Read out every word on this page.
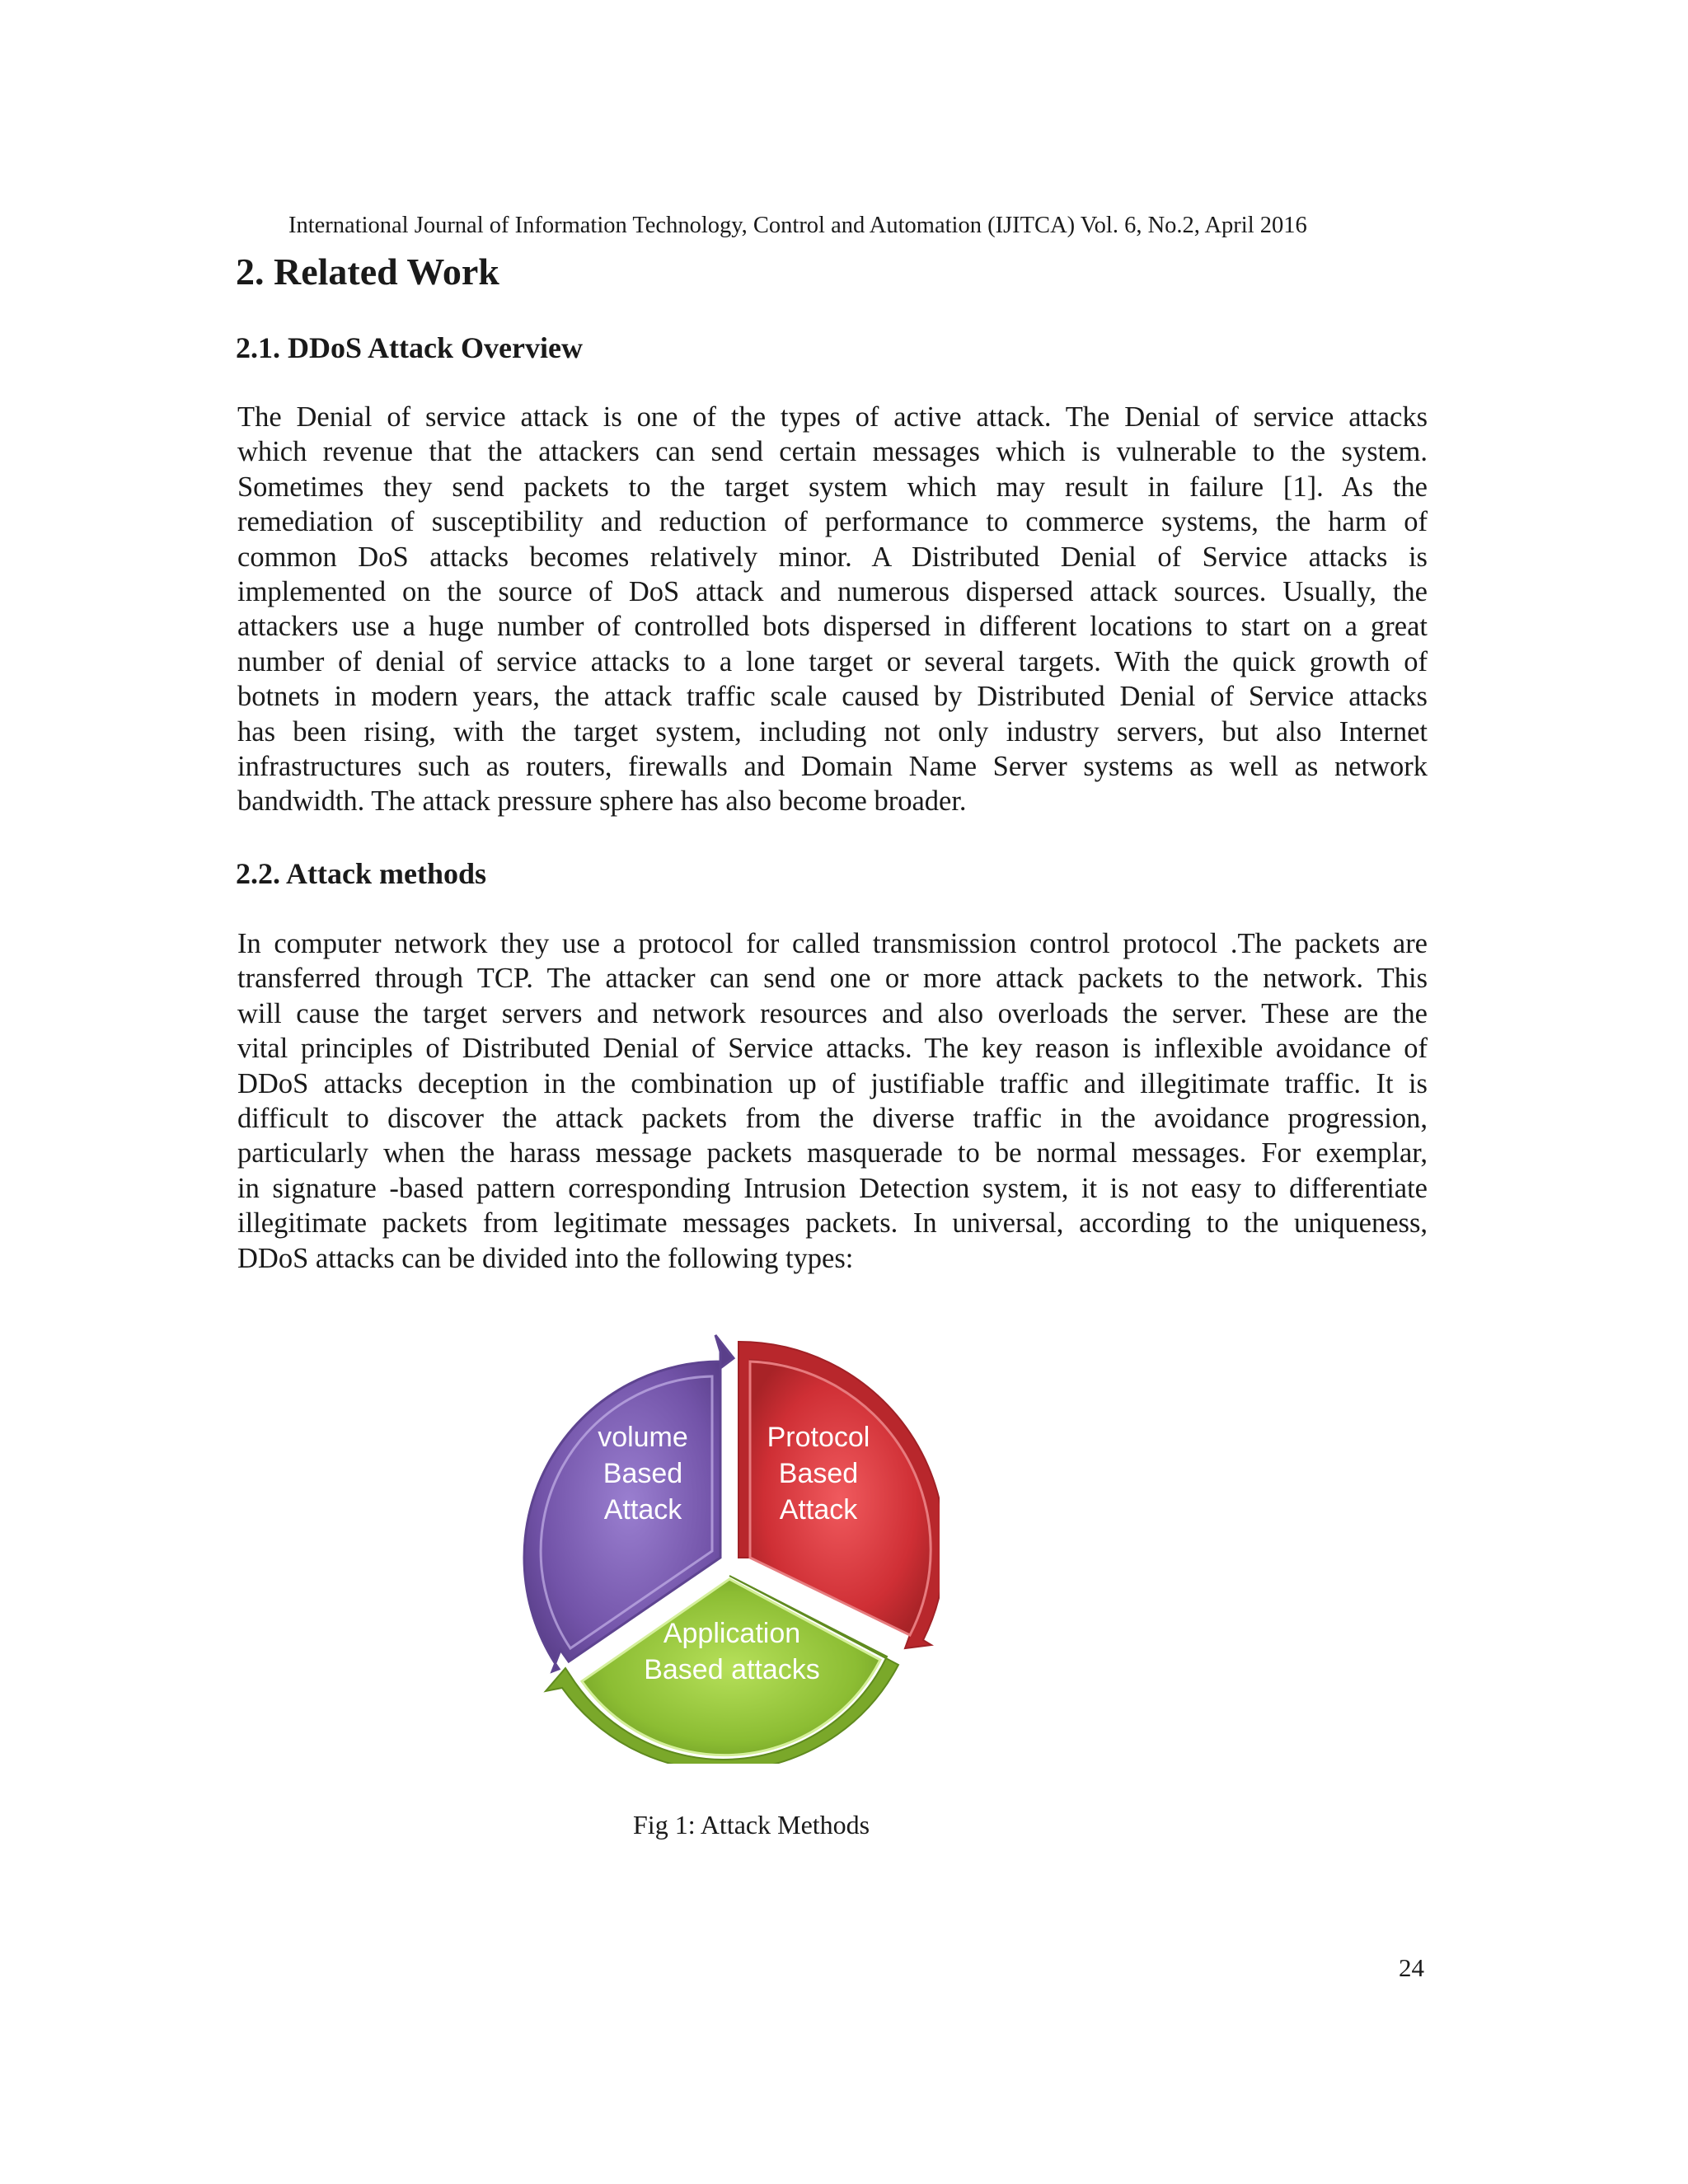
International Journal of Information Technology, Control and Automation (IJITCA) Vol. 6, No.2, April 2016
2. Related Work
2.1. DDoS Attack Overview
The Denial of service attack is one of the types of active attack. The Denial of service attacks
which revenue that the attackers can send certain messages which is vulnerable to the system.
Sometimes they send packets to the target system which may result in failure [1]. As the
remediation of susceptibility and reduction of performance to commerce systems, the harm of
common DoS attacks becomes relatively minor. A Distributed Denial of Service attacks is
implemented on the source of DoS attack and numerous dispersed attack sources. Usually, the
attackers use a huge number of controlled bots dispersed in different locations to start on a great
number of denial of service attacks to a lone target or several targets. With the quick growth of
botnets in modern years, the attack traffic scale caused by Distributed Denial of Service attacks
has been rising, with the target system, including not only industry servers, but also Internet
infrastructures such as routers, firewalls and Domain Name Server systems as well as network
bandwidth. The attack pressure sphere has also become broader.
2.2. Attack methods
In computer network they use a protocol for called transmission control protocol .The packets are
transferred through TCP. The attacker can send one or more attack packets to the network. This
will cause the target servers and network resources and also overloads the server. These are the
vital principles of Distributed Denial of Service attacks. The key reason is inflexible avoidance of
DDoS attacks deception in the combination up of justifiable traffic and illegitimate traffic. It is
difficult to discover the attack packets from the diverse traffic in the avoidance progression,
particularly when the harass message packets masquerade to be normal messages. For exemplar,
in signature -based pattern corresponding Intrusion Detection system, it is not easy to differentiate
illegitimate packets from legitimate messages packets. In universal, according to the uniqueness,
DDoS attacks can be divided into the following types:
volume
Based
Attack
Protocol
Based
Attack
Application
Based attacks
Fig 1: Attack Methods
24
